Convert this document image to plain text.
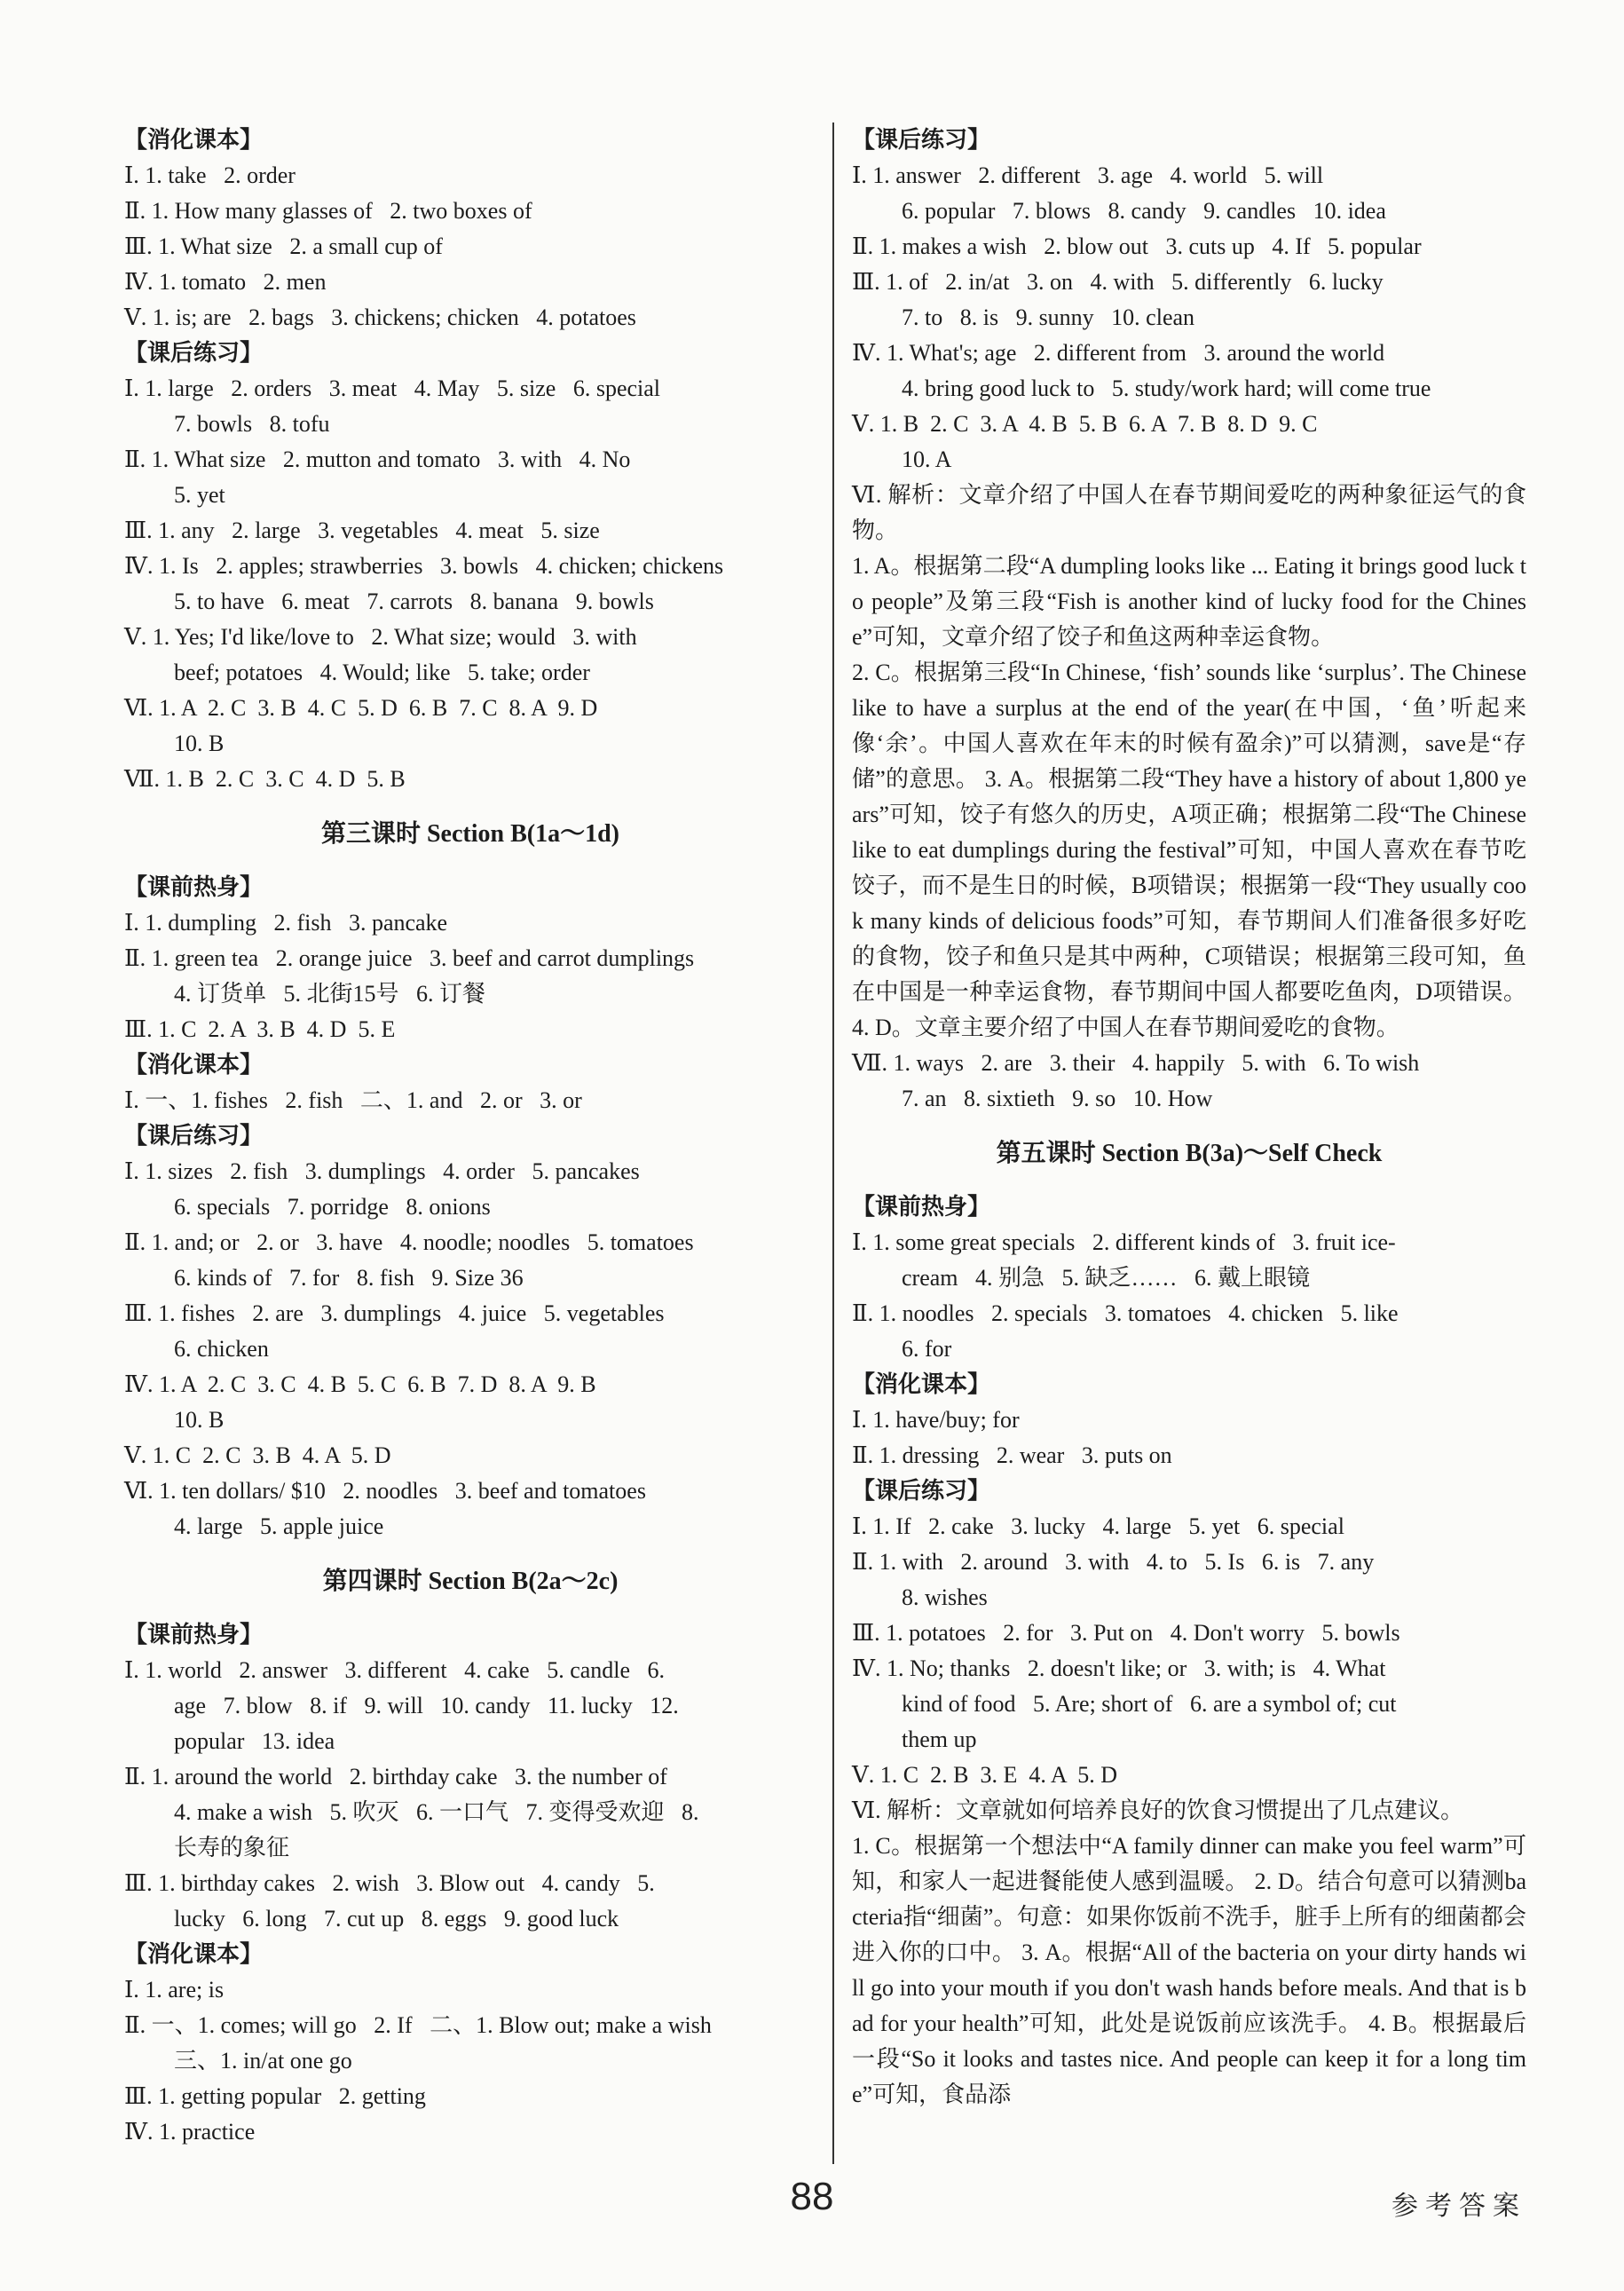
【消化课本】
Ⅰ. 1. take   2. order
Ⅱ. 1. How many glasses of   2. two boxes of
Ⅲ. 1. What size   2. a small cup of
Ⅳ. 1. tomato   2. men
Ⅴ. 1. is; are   2. bags   3. chickens; chicken   4. potatoes
【课后练习】
Ⅰ. 1. large   2. orders   3. meat   4. May   5. size   6. special
7. bowls   8. tofu
Ⅱ. 1. What size   2. mutton and tomato   3. with   4. No
5. yet
Ⅲ. 1. any   2. large   3. vegetables   4. meat   5. size
Ⅳ. 1. Is   2. apples; strawberries   3. bowls   4. chicken; chickens
5. to have   6. meat   7. carrots   8. banana   9. bowls
Ⅴ. 1. Yes; I'd like/love to   2. What size; would   3. with
beef; potatoes   4. Would; like   5. take; order
Ⅵ. 1. A  2. C  3. B  4. C  5. D  6. B  7. C  8. A  9. D
10. B
Ⅶ. 1. B  2. C  3. C  4. D  5. B
第三课时 Section B(1a～1d)
【课前热身】
Ⅰ. 1. dumpling   2. fish   3. pancake
Ⅱ. 1. green tea   2. orange juice   3. beef and carrot dumplings
4. 订货单   5. 北街15号   6. 订餐
Ⅲ. 1. C  2. A  3. B  4. D  5. E
【消化课本】
Ⅰ. 一、1. fishes   2. fish   二、1. and   2. or   3. or
【课后练习】
Ⅰ. 1. sizes   2. fish   3. dumplings   4. order   5. pancakes
6. specials   7. porridge   8. onions
Ⅱ. 1. and; or   2. or   3. have   4. noodle; noodles   5. tomatoes
6. kinds of   7. for   8. fish   9. Size 36
Ⅲ. 1. fishes   2. are   3. dumplings   4. juice   5. vegetables
6. chicken
Ⅳ. 1. A  2. C  3. C  4. B  5. C  6. B  7. D  8. A  9. B
10. B
Ⅴ. 1. C  2. C  3. B  4. A  5. D
Ⅵ. 1. ten dollars/ $10   2. noodles   3. beef and tomatoes
4. large   5. apple juice
第四课时 Section B(2a～2c)
【课前热身】
Ⅰ. 1. world   2. answer   3. different   4. cake   5. candle   6.
age   7. blow   8. if   9. will   10. candy   11. lucky   12.
popular   13. idea
Ⅱ. 1. around the world   2. birthday cake   3. the number of
4. make a wish   5. 吹灭   6. 一口气   7. 变得受欢迎   8.
长寿的象征
Ⅲ. 1. birthday cakes   2. wish   3. Blow out   4. candy   5.
lucky   6. long   7. cut up   8. eggs   9. good luck
【消化课本】
Ⅰ. 1. are; is
Ⅱ. 一、1. comes; will go   2. If   二、1. Blow out; make a wish
三、1. in/at one go
Ⅲ. 1. getting popular   2. getting
Ⅳ. 1. practice
【课后练习】
Ⅰ. 1. answer   2. different   3. age   4. world   5. will
6. popular   7. blows   8. candy   9. candles   10. idea
Ⅱ. 1. makes a wish   2. blow out   3. cuts up   4. If   5. popular
Ⅲ. 1. of   2. in/at   3. on   4. with   5. differently   6. lucky
7. to   8. is   9. sunny   10. clean
Ⅳ. 1. What's; age   2. different from   3. around the world
4. bring good luck to   5. study/work hard; will come true
Ⅴ. 1. B  2. C  3. A  4. B  5. B  6. A  7. B  8. D  9. C
10. A
Ⅵ. 解析：文章介绍了中国人在春节期间爱吃的两种象征运气的食物。
1. A。根据第二段“A dumpling looks like ... Eating it brings good luck to people”及第三段“Fish is another kind of lucky food for the Chinese”可知，文章介绍了饺子和鱼这两种幸运食物。
2. C。根据第三段“In Chinese, ‘fish’ sounds like ‘surplus’. The Chinese like to have a surplus at the end of the year(在中国，‘鱼’听起来像‘余’。中国人喜欢在年末的时候有盈余)”可以猜测，save是“存储”的意思。 3. A。根据第二段“They have a history of about 1,800 years”可知，饺子有悠久的历史，A项正确；根据第二段“The Chinese like to eat dumplings during the festival”可知，中国人喜欢在春节吃饺子，而不是生日的时候，B项错误；根据第一段“They usually cook many kinds of delicious foods”可知，春节期间人们准备很多好吃的食物，饺子和鱼只是其中两种，C项错误；根据第三段可知，鱼在中国是一种幸运食物，春节期间中国人都要吃鱼肉，D项错误。 4. D。文章主要介绍了中国人在春节期间爱吃的食物。
Ⅶ. 1. ways   2. are   3. their   4. happily   5. with   6. To wish
7. an   8. sixtieth   9. so   10. How
第五课时 Section B(3a)～Self Check
【课前热身】
Ⅰ. 1. some great specials   2. different kinds of   3. fruit ice-
cream   4. 别急   5. 缺乏……   6. 戴上眼镜
Ⅱ. 1. noodles   2. specials   3. tomatoes   4. chicken   5. like
6. for
【消化课本】
Ⅰ. 1. have/buy; for
Ⅱ. 1. dressing   2. wear   3. puts on
【课后练习】
Ⅰ. 1. If   2. cake   3. lucky   4. large   5. yet   6. special
Ⅱ. 1. with   2. around   3. with   4. to   5. Is   6. is   7. any
8. wishes
Ⅲ. 1. potatoes   2. for   3. Put on   4. Don't worry   5. bowls
Ⅳ. 1. No; thanks   2. doesn't like; or   3. with; is   4. What
kind of food   5. Are; short of   6. are a symbol of; cut
them up
Ⅴ. 1. C  2. B  3. E  4. A  5. D
Ⅵ. 解析：文章就如何培养良好的饮食习惯提出了几点建议。
1. C。根据第一个想法中“A family dinner can make you feel warm”可知，和家人一起进餐能使人感到温暖。 2. D。结合句意可以猜测bacteria指“细菌”。句意：如果你饭前不洗手，脏手上所有的细菌都会进入你的口中。 3. A。根据“All of the bacteria on your dirty hands will go into your mouth if you don't wash hands before meals. And that is bad for your health”可知，此处是说饭前应该洗手。 4. B。根据最后一段“So it looks and tastes nice. And people can keep it for a long time”可知，食品添
88	参考答案
